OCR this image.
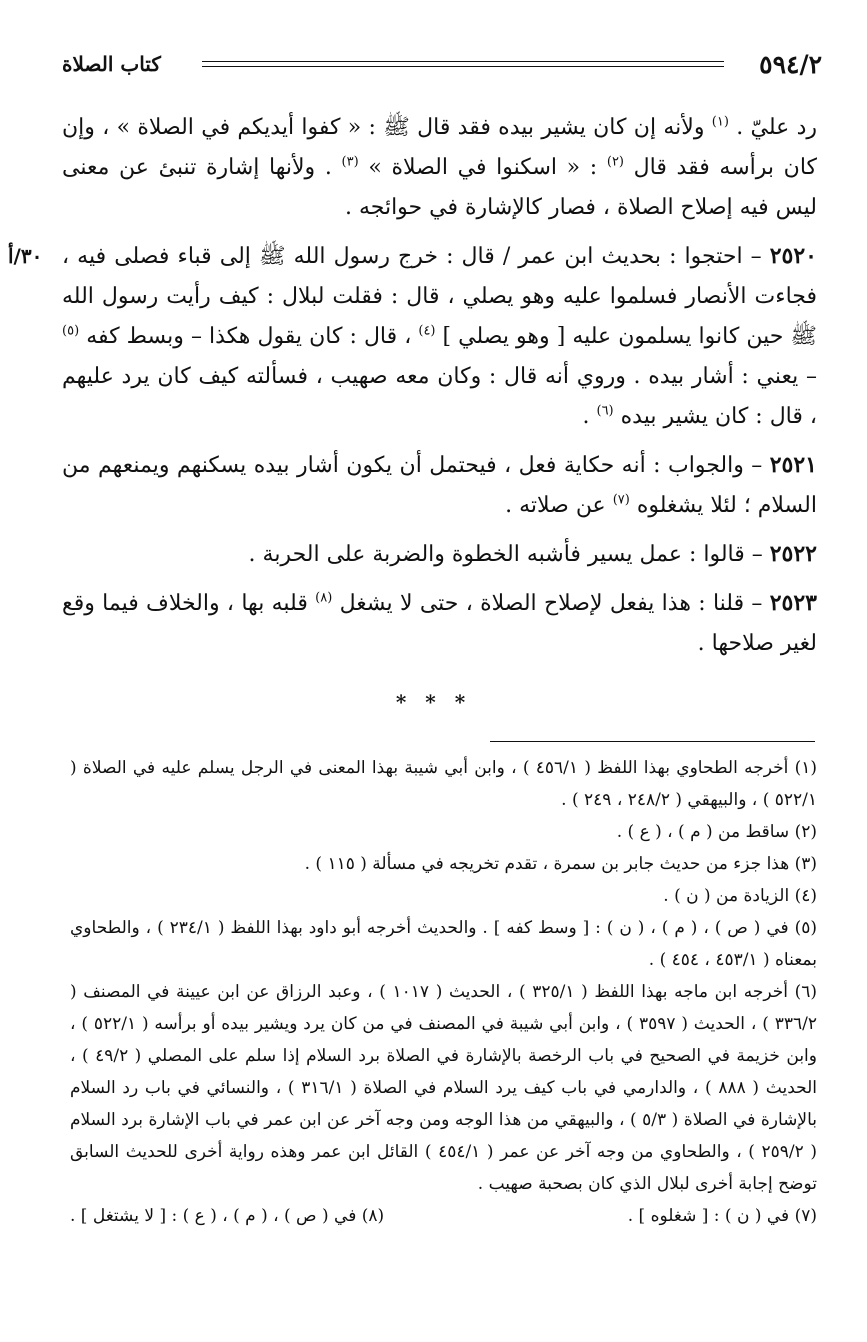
٥٩٤/٢
كتاب الصلاة

رد عليّ . $^{(١)}$ ولأنه إن كان يشير بيده فقد قال ﷺ : « كفوا أيديكم في الصلاة » ، وإن كان برأسه فقد قال $^{(٢)}$ : « اسكنوا في الصلاة » $^{(٣)}$ . ولأنها إشارة تنبئ عن معنى ليس فيه إصلاح الصلاة ، فصار كالإشارة في حوائجه .

٣٠/أ	٢٥٢٠ – احتجوا : بحديث ابن عمر / قال : خرج رسول الله ﷺ إلى قباء فصلى فيه ، فجاءت الأنصار فسلموا عليه وهو يصلي ، قال : فقلت لبلال : كيف رأيت رسول الله ﷺ حين كانوا يسلمون عليه [ وهو يصلي ] $^{(٤)}$ ، قال : كان يقول هكذا – وبسط كفه $^{(٥)}$ – يعني : أشار بيده . وروي أنه قال : وكان معه صهيب ، فسألته كيف كان يرد عليهم ، قال : كان يشير بيده $^{(٦)}$ .

٢٥٢١ – والجواب : أنه حكاية فعل ، فيحتمل أن يكون أشار بيده يسكنهم ويمنعهم من السلام ؛ لئلا يشغلوه $^{(٧)}$ عن صلاته .

٢٥٢٢ – قالوا : عمل يسير فأشبه الخطوة والضربة على الحربة .

٢٥٢٣ – قلنا : هذا يفعل لإصلاح الصلاة ، حتى لا يشغل $^{(٨)}$ قلبه بها ، والخلاف فيما وقع لغير صلاحها .

* * *

(١) أخرجه الطحاوي بهذا اللفظ ( ٤٥٦/١ ) ، وابن أبي شيبة بهذا المعنى في الرجل يسلم عليه في الصلاة ( ٥٢٢/١ ) ، والبيهقي ( ٢٤٨/٢ ، ٢٤٩ ) .

(٢) ساقط من ( م ) ، ( ع ) .

(٣) هذا جزء من حديث جابر بن سمرة ، تقدم تخريجه في مسألة ( ١١٥ ) .

(٤) الزيادة من ( ن ) .

(٥) في ( ص ) ، ( م ) ، ( ن ) : [ وسط كفه ] . والحديث أخرجه أبو داود بهذا اللفظ ( ٢٣٤/١ ) ، والطحاوي بمعناه ( ٤٥٣/١ ، ٤٥٤ ) .

(٦) أخرجه ابن ماجه بهذا اللفظ ( ٣٢٥/١ ) ، الحديث ( ١٠١٧ ) ، وعبد الرزاق عن ابن عيينة في المصنف ( ٣٣٦/٢ ) ، الحديث ( ٣٥٩٧ ) ، وابن أبي شيبة في المصنف في من كان يرد ويشير بيده أو برأسه ( ٥٢٢/١ ) ، وابن خزيمة في الصحيح في باب الرخصة بالإشارة في الصلاة برد السلام إذا سلم على المصلي ( ٤٩/٢ ) ، الحديث ( ٨٨٨ ) ، والدارمي في باب كيف يرد السلام في الصلاة ( ٣١٦/١ ) ، والنسائي في باب رد السلام بالإشارة في الصلاة ( ٥/٣ ) ، والبيهقي من هذا الوجه ومن وجه آخر عن ابن عمر في باب الإشارة برد السلام ( ٢٥٩/٢ ) ، والطحاوي من وجه آخر عن عمر ( ٤٥٤/١ ) القائل ابن عمر وهذه رواية أخرى للحديث السابق توضح إجابة أخرى لبلال الذي كان بصحبة صهيب .

(٧) في ( ن ) : [ شغلوه ] .
(٨) في ( ص ) ، ( م ) ، ( ع ) : [ لا يشتغل ] .
